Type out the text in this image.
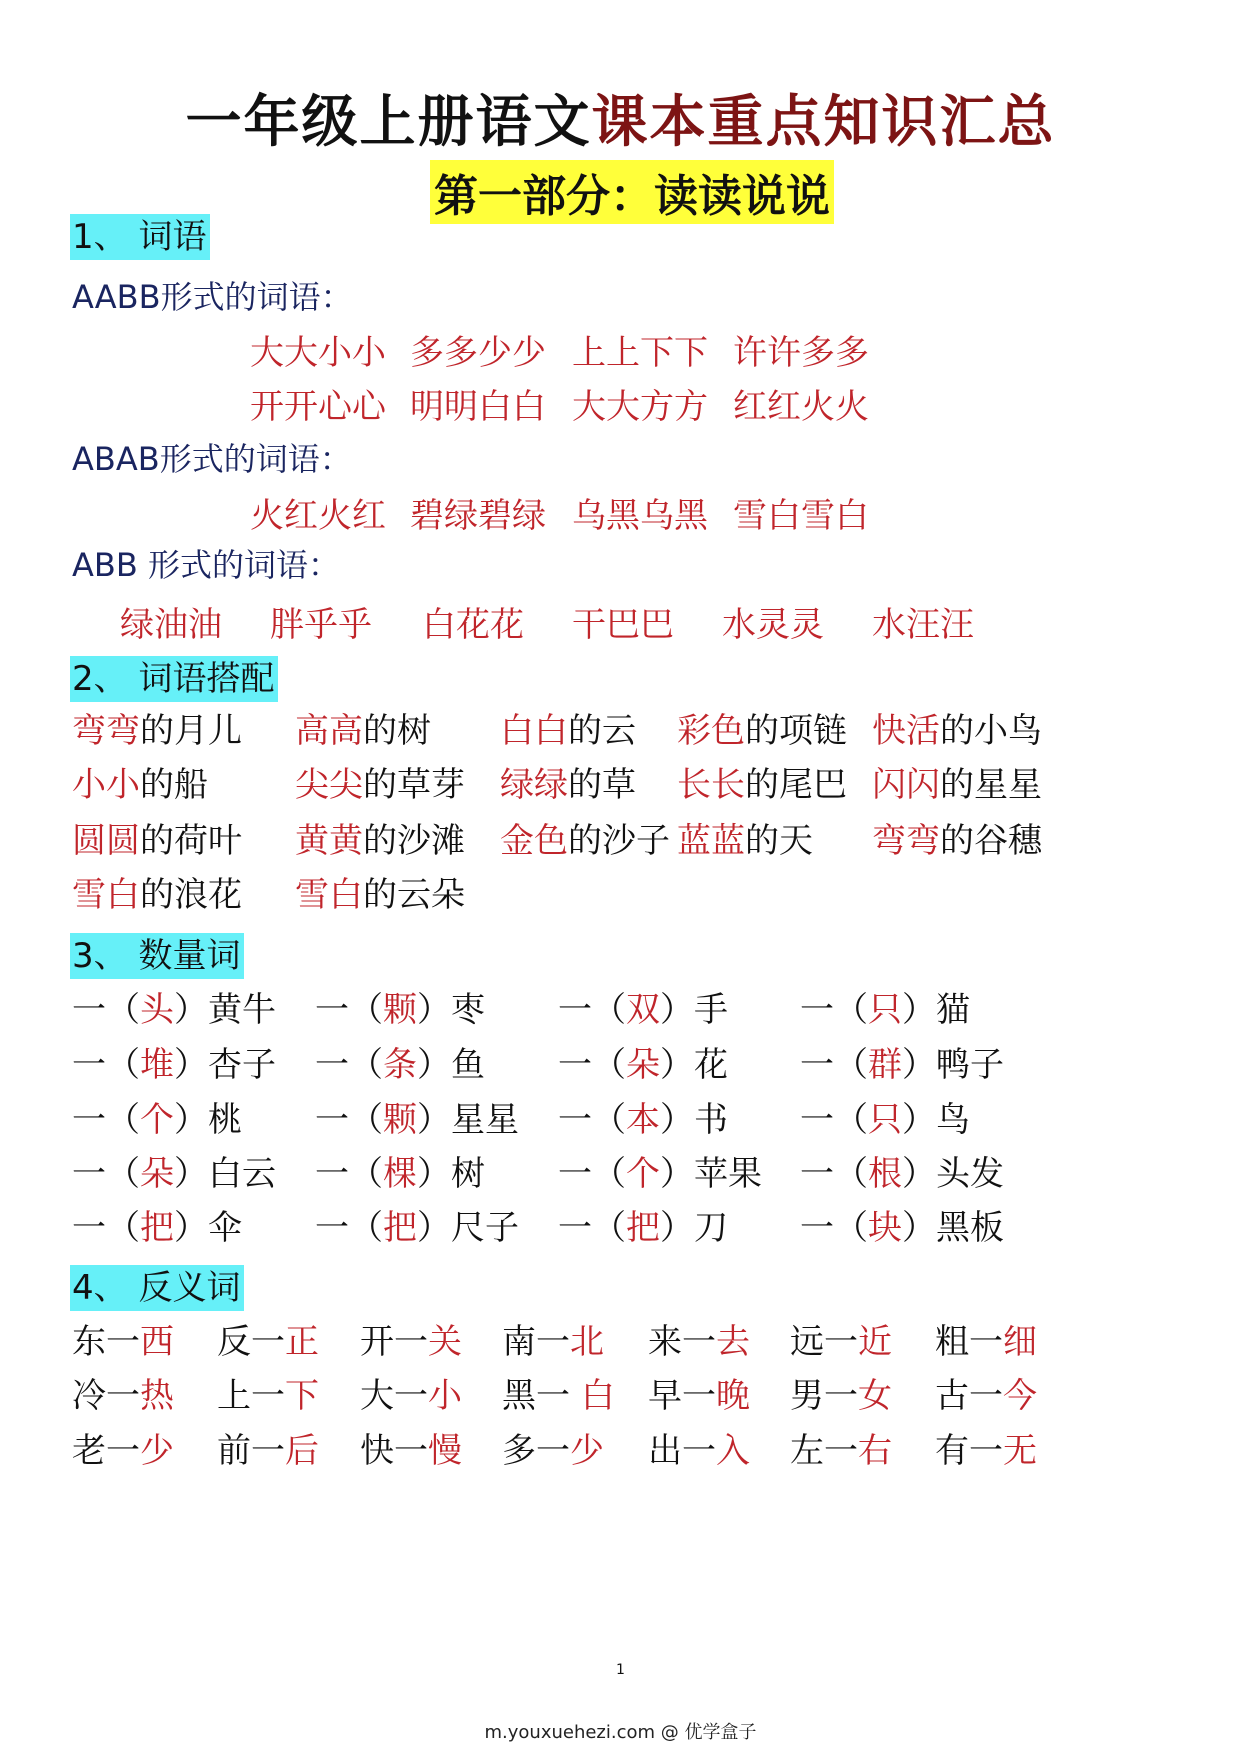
一年级上册语文课本重点知识汇总
第一部分：读读说说
1、 词语
AABB形式的词语：
大大小小 多多少少 上上下下 许许多多
开开心心 明明白白 大大方方 红红火火
ABAB形式的词语：
火红火红 碧绿碧绿 乌黑乌黑 雪白雪白
ABB 形式的词语：
绿油油 胖乎乎 白花花 干巴巴 水灵灵 水汪汪
2、 词语搭配
3、 数量词
4、 反义词
1
m.youxuehezi.com @ 优学盒子
弯弯的月儿 高高的树 白白的云 彩色的项链 快活的小鸟
小小的船	尖尖的草芽 绿绿的草 长长的尾巴 闪闪的星星
圆圆的荷叶 黄黄的沙滩 金色的沙子 蓝蓝的天 弯弯的谷穗
雪白的浪花 雪白的云朵
一（头）黄牛 一（颗）枣 一（双）手 一（只）猫
一（堆）杏子 一（条）鱼 一（朵）花 一（群）鸭子
一（个）桃 一（颗）星星 一（本）书 一（只）鸟
一（朵）白云 一（棵）树 一（个）苹果 一（根）头发
一（把）伞 一（把）尺子 一（把）刀 一（块）黑板
东一西 反一正 开一关 南一北 来一去 远一近 粗一细
冷一热 上一下 大一小 黑一 白 早一晚 男一女 古一今
老一少 前一后 快一慢 多一少 出一入 左一右 有一无
